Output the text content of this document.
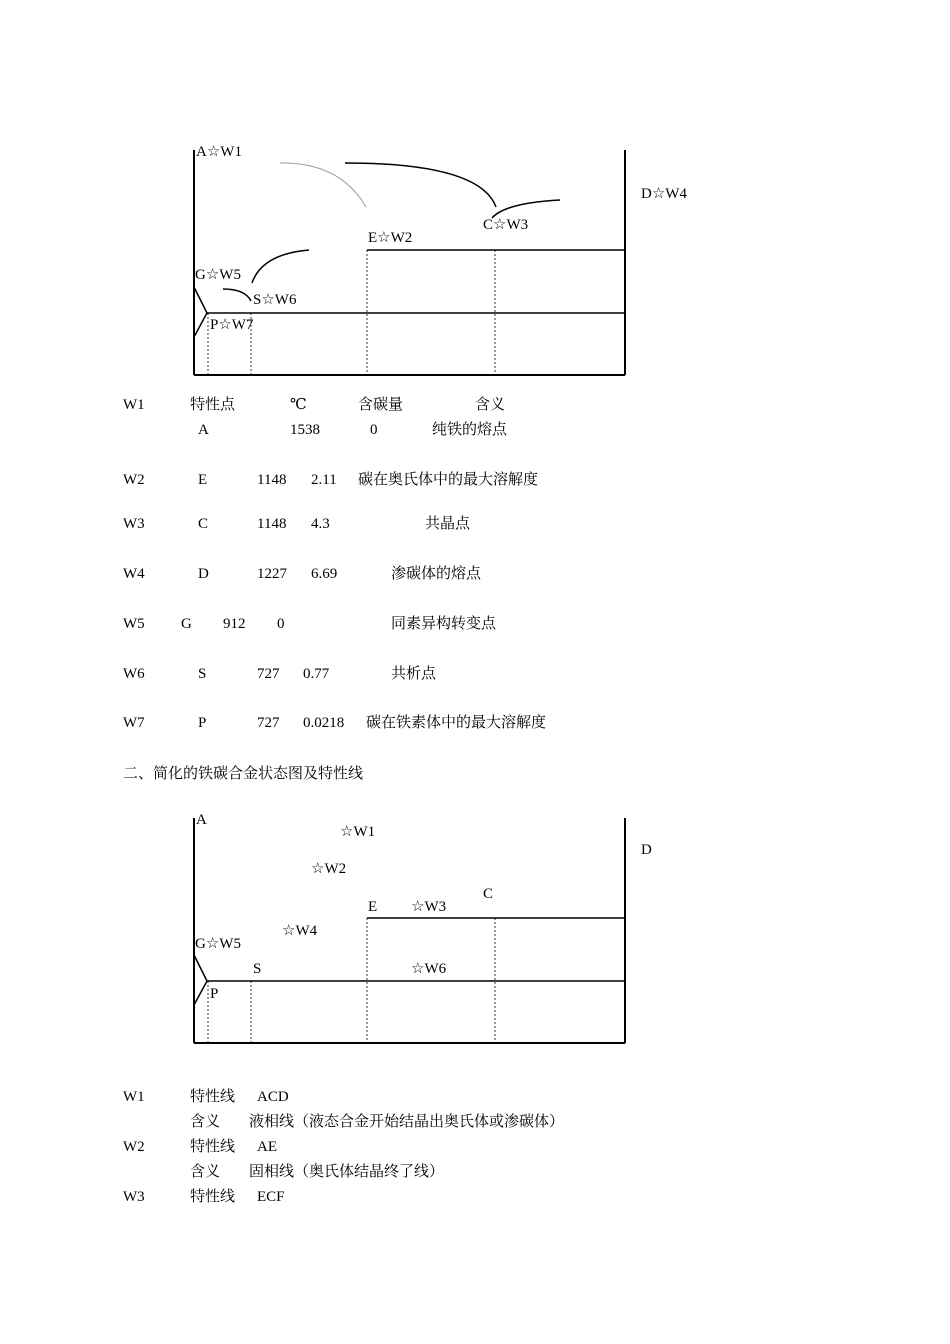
A☆W1
D☆W4
E☆W2
C☆W3
G☆W5
S☆W6
P☆W7
W1	特性点	℃	含碳量	含义
A	1538	0	纯铁的熔点
W2	E	1148 2.11 碳在奥氏体中的最大溶解度
W3	C	1148 4.3	共晶点
W4	D	1227 6.69	渗碳体的熔点
W5 G 912 0	同素异构转变点
W6	S	727 0.77	共析点
W7	P	727 0.0218 碳在铁素体中的最大溶解度
二、简化的铁碳合金状态图及特性线
A
D
☆W1
☆W2
E ☆W3
C
☆W4
G☆W5
S	☆W6
P
W1	特性线 ACD
含义 液相线（液态合金开始结晶出奥氏体或渗碳体）
W2	特性线 AE
含义 固相线（奥氏体结晶终了线）
W3	特性线 ECF
